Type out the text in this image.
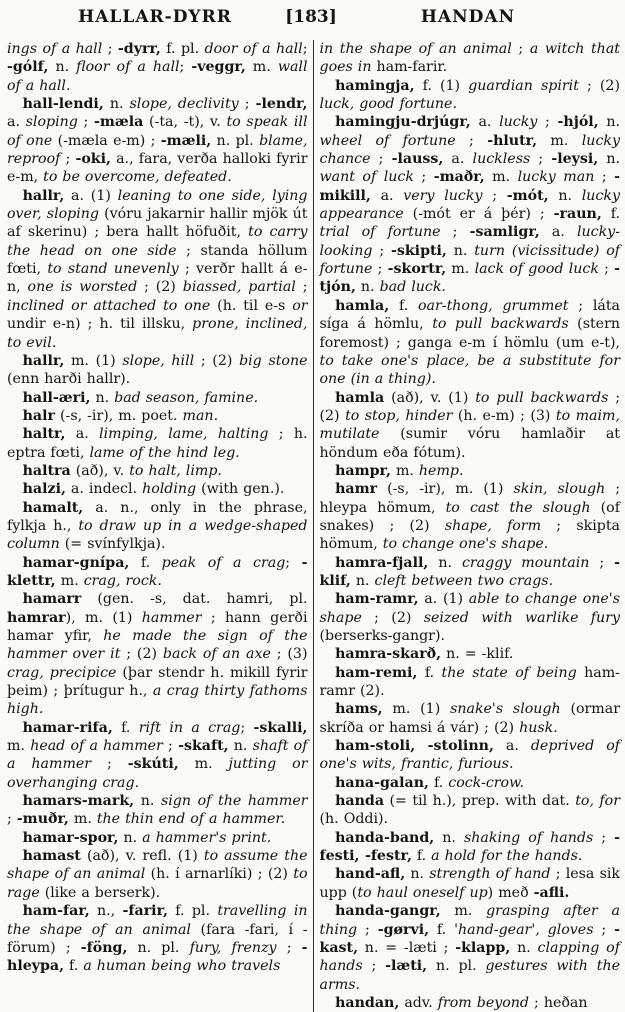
HALLAR-DYRR	[183]	HANDAN

ings of a hall ; -dyrr, f. pl. door of a hall; -gólf, n. floor of a hall; -veggr, m. wall of a hall.

hall-lendi, n. slope, declivity ; -lendr, a. sloping ; -mæla (-ta, -t), v. to speak ill of one (-mæla e-m) ; -mæli, n. pl. blame, reproof ; -oki, a., fara, verða halloki fyrir e-m, to be overcome, defeated.

hallr, a. (1) leaning to one side, lying over, sloping (vóru jakarnir hallir mjök út af skerinu) ; bera hallt höfuðit, to carry the head on one side ; standa höllum fœti, to stand unevenly ; verðr hallt á e-n, one is worsted ; (2) biassed, partial ; inclined or attached to one (h. til e-s or undir e-n) ; h. til illsku, prone, inclined, to evil.

hallr, m. (1) slope, hill ; (2) big stone (enn harði hallr).

hall-æri, n. bad season, famine.

halr (-s, -ir), m. poet. man.

haltr, a. limping, lame, halting ; h. eptra fœti, lame of the hind leg.

haltra (að), v. to halt, limp.

halzi, a. indecl. holding (with gen.).

hamalt, a. n., only in the phrase, fylkja h., to draw up in a wedge-shaped column (= svínfylkja).

hamar-gnípa, f. peak of a crag; -klettr, m. crag, rock.

hamarr (gen. -s, dat. hamri, pl. hamrar), m. (1) hammer ; hann gerði hamar yfir, he made the sign of the hammer over it ; (2) back of an axe ; (3) crag, precipice (þar stendr h. mikill fyrir þeim) ; þrítugur h., a crag thirty fathoms high.

hamar-rifa, f. rift in a crag; -skalli, m. head of a hammer ; -skaft, n. shaft of a hammer ; -skúti, m. jutting or overhanging crag.

hamars-mark, n. sign of the hammer ; -muðr, m. the thin end of a hammer.

hamar-spor, n. a hammer's print.

hamast (að), v. refl. (1) to assume the shape of an animal (h. í arnarlíki) ; (2) to rage (like a berserk).

ham-far, n., -farir, f. pl. travelling in the shape of an animal (fara -fari, í -förum) ; -föng, n. pl. fury, frenzy ; -hleypa, f. a human being who travels

in the shape of an animal ; a witch that goes in ham-farir.

hamingja, f. (1) guardian spirit ; (2) luck, good fortune.

hamingju-drjúgr, a. lucky ; -hjól, n. wheel of fortune ; -hlutr, m. lucky chance ; -lauss, a. luckless ; -leysi, n. want of luck ; -maðr, m. lucky man ; -mikill, a. very lucky ; -mót, n. lucky appearance (-mót er á þér) ; -raun, f. trial of fortune ; -samligr, a. lucky-looking ; -skipti, n. turn (vicissitude) of fortune ; -skortr, m. lack of good luck ; -tjón, n. bad luck.

hamla, f. oar-thong, grummet ; láta síga á hömlu, to pull backwards (stern foremost) ; ganga e-m í hömlu (um e-t), to take one's place, be a substitute for one (in a thing).

hamla (að), v. (1) to pull backwards ; (2) to stop, hinder (h. e-m) ; (3) to maim, mutilate (sumir vóru hamlaðir at höndum eða fótum).

hampr, m. hemp.

hamr (-s, -ir), m. (1) skin, slough ; hleypa hömum, to cast the slough (of snakes) ; (2) shape, form ; skipta hömum, to change one's shape.

hamra-fjall, n. craggy mountain ; -klif, n. cleft between two crags.

ham-ramr, a. (1) able to change one's shape ; (2) seized with warlike fury (berserks-gangr).

hamra-skarð, n. = -klif.

ham-remi, f. the state of being ham-ramr (2).

hams, m. (1) snake's slough (ormar skríða or hamsi á vár) ; (2) husk.

ham-stoli, -stolinn, a. deprived of one's wits, frantic, furious.

hana-galan, f. cock-crow.

handa (= til h.), prep. with dat. to, for (h. Oddi).

handa-band, n. shaking of hands ; -festi, -festr, f. a hold for the hands.

hand-afl, n. strength of hand ; lesa sik upp (to haul oneself up) með -afli.

handa-gangr, m. grasping after a thing ; -gørvi, f. 'hand-gear', gloves ; -kast, n. = -læti ; -klapp, n. clapping of hands ; -læti, n. pl. gestures with the arms.

handan, adv. from beyond ; heðan
